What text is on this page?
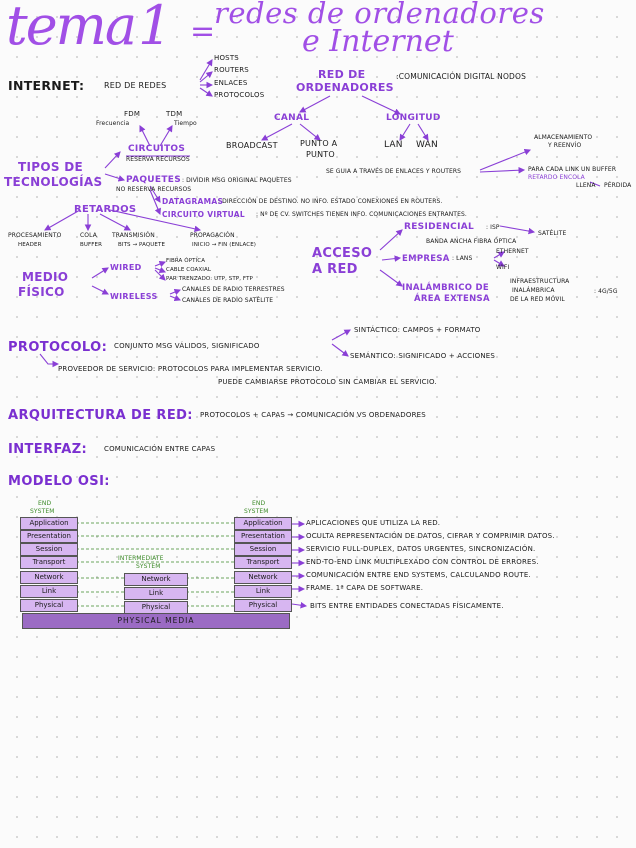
tema 1 =
redes de ordenadores
e Internet
INTERNET: RED DE REDES
HOSTS
ROUTERS
ENLACES
PROTOCOLOS
RED DE
ORDENADORES
:COMUNICACIÓN DIGITAL NODOS
CANAL	LONGITUD
BROADCAST	PUNTO A
PUNTO
LAN WAN
TIPOS DE
TECNOLOGÍAS
FDM
Frecuencia
TDM
Tiempo
CIRCUITOS
RESERVA RECURSOS
PAQUETES : DIVIDIR MSG ORIGINAL PAQUETES
SE GUIA A TRAVÉS DE ENLACES Y ROUTERS
NO RESERVA RECURSOS
ALMACENAMIENTO
Y REENVÍO
PARA CADA LINK UN BUFFER
RETARDO ENCOLA
LLENA PÉRDIDA
DATAGRAMAS
: DIRECCIÓN DE DESTINO. NO INFO. ESTADO CONEXIONES EN ROUTERS.
CIRCUITO VIRTUAL : Nº DE CV. SWITCHES TIENEN INFO. COMUNICACIONES ENTRANTES.
RETARDOS
PROCESAMIENTO	COLA	TRANSMISIÓN	PROPAGACIÓN
HEADER	BUFFER	BITS → PAQUETE	INICIO → FIN (ENLACE)
MEDIO
FÍSICO
WIRED
FIBRA ÓPTICA
CABLE COAXIAL
PAR TRENZADO: UTP, STP, FTP
WIRELESS
CANALES DE RADIO TERRESTRES
CANALES DE RADIO SATÉLITE
ACCESO
A RED
RESIDENCIAL : ISP
SATÉLITE
BANDA ANCHA FIBRA ÓPTICA
EMPRESA : LANS
ETHERNET
WIFI
INALÁMBRICO DE
ÁREA EXTENSA
INFRAESTRUCTURA
INALÁMBRICA
DE LA RED MÓVIL
: 4G/5G
PROTOCOLO: CONJUNTO MSG VÁLIDOS, SIGNIFICADO
SINTÁCTICO: CAMPOS + FORMATO
SEMÁNTICO: SIGNIFICADO + ACCIONES
PROVEEDOR DE SERVICIO: PROTOCOLOS PARA IMPLEMENTAR SERVICIO.
PUEDE CAMBIARSE PROTOCOLO SIN CAMBIAR EL SERVICIO.
ARQUITECTURA DE RED: PROTOCOLOS + CAPAS → COMUNICACIÓN VS ORDENADORES
INTERFAZ: COMUNICACIÓN ENTRE CAPAS
MODELO OSI:
END
SYSTEM
END
SYSTEM
INTERMEDIATE
SYSTEM
Application
Presentation
Session
Transport
Network
Link
Physical
Network
Link
Physical
Application
Presentation
Session
Transport
Network
Link
Physical
PHYSICAL MEDIA
APLICACIONES QUE UTILIZA LA RED.
OCULTA REPRESENTACIÓN DE DATOS, CIFRAR Y COMPRIMIR DATOS.
SERVICIO FULL-DUPLEX, DATOS URGENTES, SINCRONIZACIÓN.
END-TO-END LINK MULTIPLEXADO CON CONTROL DE ERRORES.
COMUNICACIÓN ENTRE END SYSTEMS, CALCULANDO ROUTE.
FRAME. 1ª CAPA DE SOFTWARE.
BITS ENTRE ENTIDADES CONECTADAS FÍSICAMENTE.
